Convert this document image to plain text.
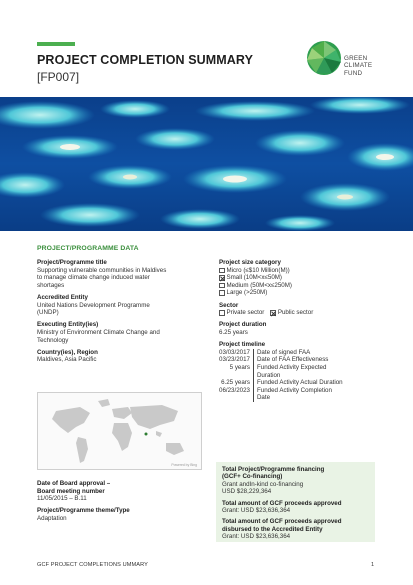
PROJECT COMPLETION SUMMARY
[FP007]
GREEN
CLIMATE
FUND
PROJECT/PROGRAMME DATA
Project/Programme title
Supporting vulnerable communities in Maldives
to manage climate change induced water
shortages
Accredited Entity
United Nations Development Programme
(UNDP)
Executing Entity(ies)
Ministry of Environment Climate Change and
Technology
Country(ies), Region
Maldives, Asia Pacific
Powered by Bing
Date of Board approval –
Board meeting number
11/05/2015 – B.11
Project/Programme theme/Type
Adaptation
Project size category
Micro (≤$10 Million(M))
Small (10M<x≤50M)
Medium (50M<x≤250M)
Large (>250M)
Sector
Private sector Public sector
Project duration
6.25 years
Project timeline
03/03/2017	Date of signed FAA

03/23/2017	Date of FAA Effectiveness

5 years	Funded Activity Expected
Duration

6.25 years	Funded Activity Actual Duration

06/23/2023	Funded Activity Completion
Date
Total Project/Programme financing
(GCF+ Co-financing)
Grant andIn-kind co-financing
USD $28,229,364
Total amount of GCF proceeds approved
Grant: USD $23,636,364
Total amount of GCF proceeds approved
disbursed to the Accredited Entity
Grant: USD $23,636,364
GCF PROJECT COMPLETIONS UMMARY	1
